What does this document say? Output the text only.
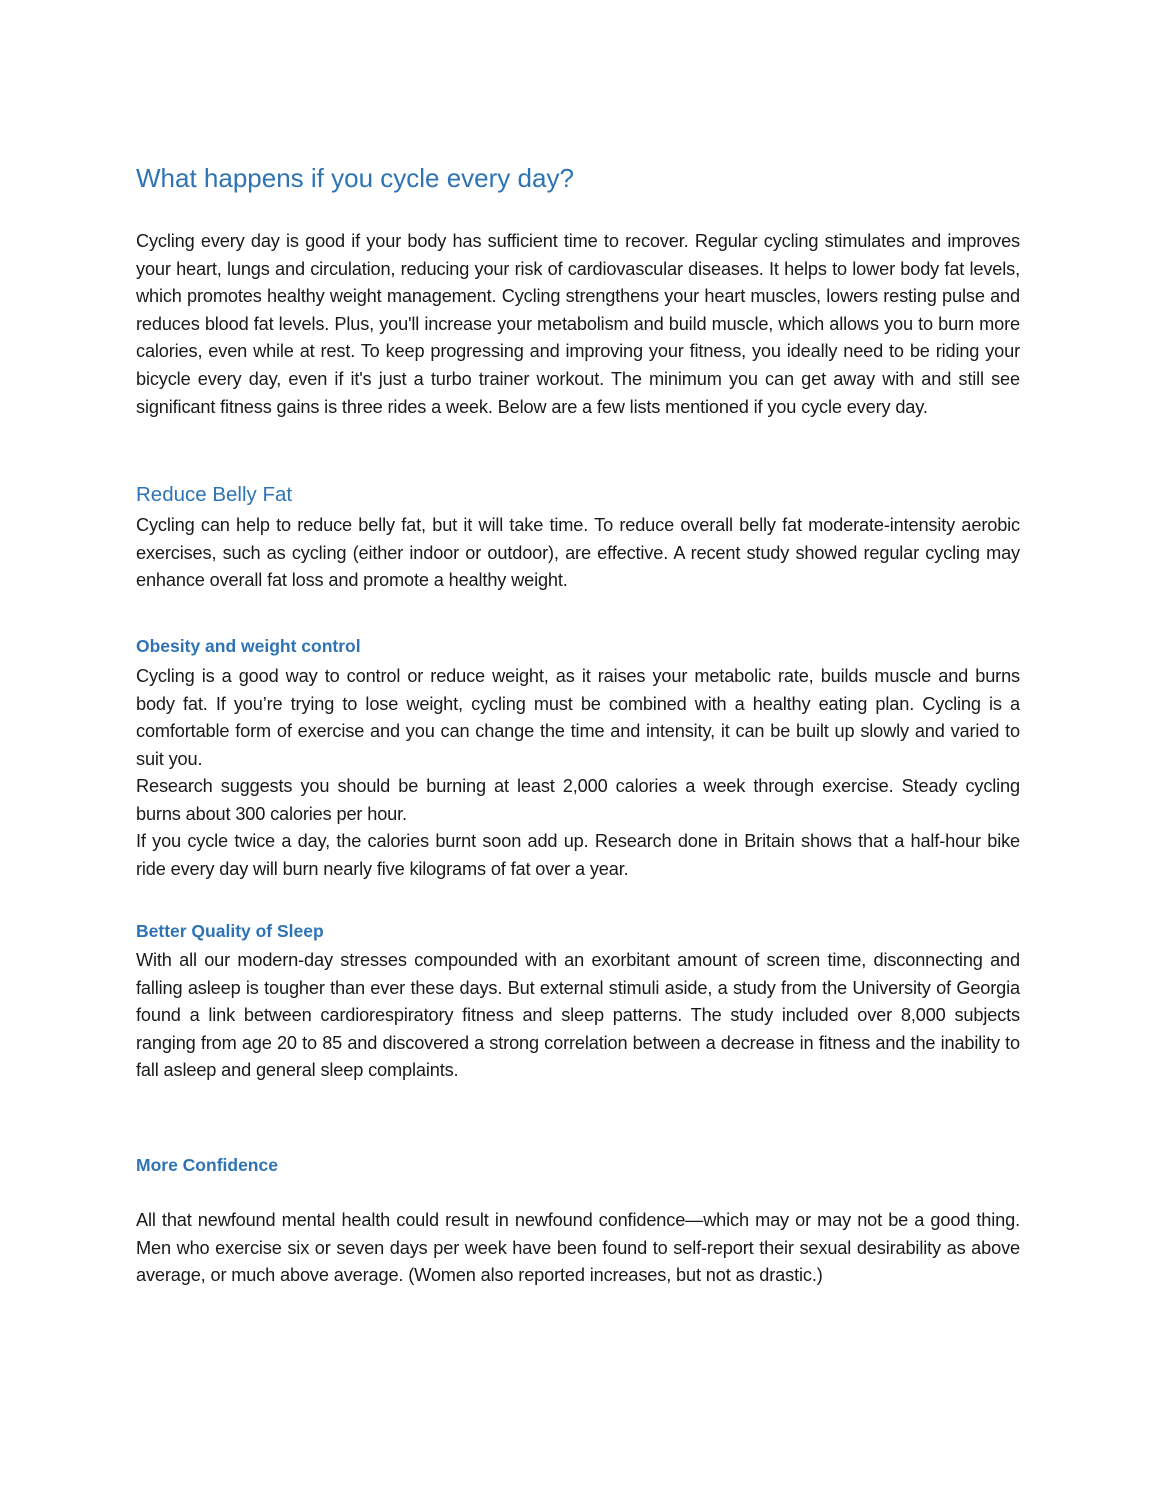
What happens if you cycle every day?

Cycling every day is good if your body has sufficient time to recover. Regular cycling stimulates and improves your heart, lungs and circulation, reducing your risk of cardiovascular diseases. It helps to lower body fat levels, which promotes healthy weight management. Cycling strengthens your heart muscles, lowers resting pulse and reduces blood fat levels. Plus, you'll increase your metabolism and build muscle, which allows you to burn more calories, even while at rest. To keep progressing and improving your fitness, you ideally need to be riding your bicycle every day, even if it's just a turbo trainer workout. The minimum you can get away with and still see significant fitness gains is three rides a week. Below are a few lists mentioned if you cycle every day.

Reduce Belly Fat

Cycling can help to reduce belly fat, but it will take time. To reduce overall belly fat moderate-intensity aerobic exercises, such as cycling (either indoor or outdoor), are effective. A recent study showed regular cycling may enhance overall fat loss and promote a healthy weight.

Obesity and weight control

Cycling is a good way to control or reduce weight, as it raises your metabolic rate, builds muscle and burns body fat. If you’re trying to lose weight, cycling must be combined with a healthy eating plan. Cycling is a comfortable form of exercise and you can change the time and intensity, it can be built up slowly and varied to suit you.

Research suggests you should be burning at least 2,000 calories a week through exercise. Steady cycling burns about 300 calories per hour.

If you cycle twice a day, the calories burnt soon add up. Research done in Britain shows that a half-hour bike ride every day will burn nearly five kilograms of fat over a year.

Better Quality of Sleep

With all our modern-day stresses compounded with an exorbitant amount of screen time, disconnecting and falling asleep is tougher than ever these days. But external stimuli aside, a study from the University of Georgia found a link between cardiorespiratory fitness and sleep patterns. The study included over 8,000 subjects ranging from age 20 to 85 and discovered a strong correlation between a decrease in fitness and the inability to fall asleep and general sleep complaints.

More Confidence

All that newfound mental health could result in newfound confidence—which may or may not be a good thing. Men who exercise six or seven days per week have been found to self-report their sexual desirability as above average, or much above average. (Women also reported increases, but not as drastic.)
